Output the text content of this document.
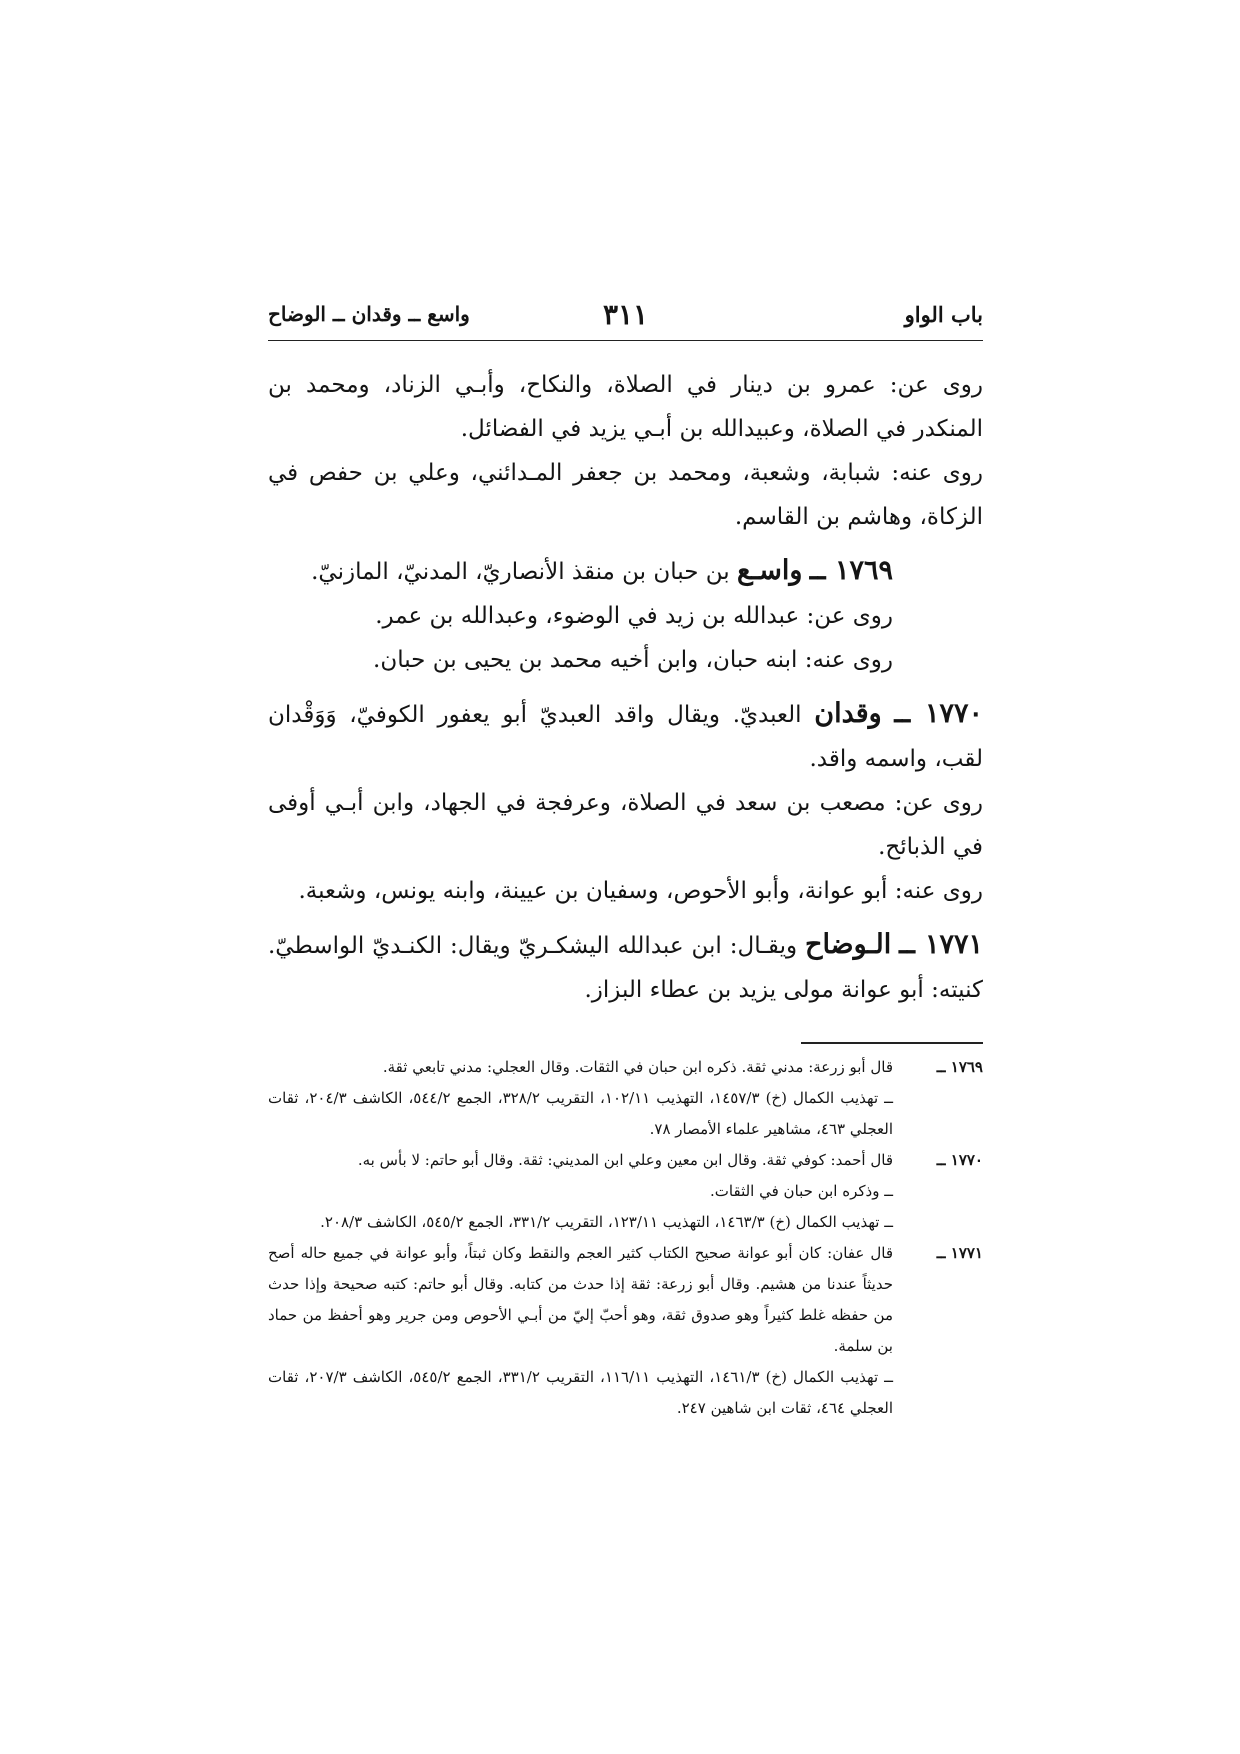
باب الواو
٣١١
واسع ــ وقدان ــ الوضاح

روى عن: عمرو بن دينار في الصلاة، والنكاح، وأبـي الزناد، ومحمد بن المنكدر في الصلاة، وعبيدالله بن أبـي يزيد في الفضائل.

روى عنه: شبابة، وشعبة، ومحمد بن جعفر المـدائني، وعلي بن حفص في الزكاة، وهاشم بن القاسم.

١٧٦٩ ــ واسـع بن حبان بن منقذ الأنصاريّ، المدنيّ، المازنيّ.

روى عن: عبدالله بن زيد في الوضوء، وعبدالله بن عمر.

روى عنه: ابنه حبان، وابن أخيه محمد بن يحيى بن حبان.

١٧٧٠ ــ وقدان العبديّ. ويقال واقد العبديّ أبو يعفور الكوفيّ، وَوَقْدان لقب، واسمه واقد.

روى عن: مصعب بن سعد في الصلاة، وعرفجة في الجهاد، وابن أبـي أوفى في الذبائح.

روى عنه: أبو عوانة، وأبو الأحوص، وسفيان بن عيينة، وابنه يونس، وشعبة.

١٧٧١ ــ الـوضاح ويقـال: ابن عبدالله اليشكـريّ ويقال: الكنـديّ الواسطيّ. كنيته: أبو عوانة مولى يزيد بن عطاء البزاز.

١٧٦٩ ــ

قال أبو زرعة: مدني ثقة. ذكره ابن حبان في الثقات. وقال العجلي: مدني تابعي ثقة.

ــ تهذيب الكمال (خ) ١٤٥٧/٣، التهذيب ١٠٢/١١، التقريب ٣٢٨/٢، الجمع ٥٤٤/٢، الكاشف ٢٠٤/٣، ثقات العجلي ٤٦٣، مشاهير علماء الأمصار ٧٨.

١٧٧٠ ــ

قال أحمد: كوفي ثقة. وقال ابن معين وعلي ابن المديني: ثقة. وقال أبو حاتم: لا بأس به.

ــ وذكره ابن حبان في الثقات.

ــ تهذيب الكمال (خ) ١٤٦٣/٣، التهذيب ١٢٣/١١، التقريب ٣٣١/٢، الجمع ٥٤٥/٢، الكاشف ٢٠٨/٣.

١٧٧١ ــ

قال عفان: كان أبو عوانة صحيح الكتاب كثير العجم والنقط وكان ثبتاً، وأبو عوانة في جميع حاله أصح حديثاً عندنا من هشيم. وقال أبو زرعة: ثقة إذا حدث من كتابه. وقال أبو حاتم: كتبه صحيحة وإذا حدث من حفظه غلط كثيراً وهو صدوق ثقة، وهو أحبّ إليّ من أبـي الأحوص ومن جرير وهو أحفظ من حماد بن سلمة.

ــ تهذيب الكمال (خ) ١٤٦١/٣، التهذيب ١١٦/١١، التقريب ٣٣١/٢، الجمع ٥٤٥/٢، الكاشف ٢٠٧/٣، ثقات العجلي ٤٦٤، ثقات ابن شاهين ٢٤٧.
